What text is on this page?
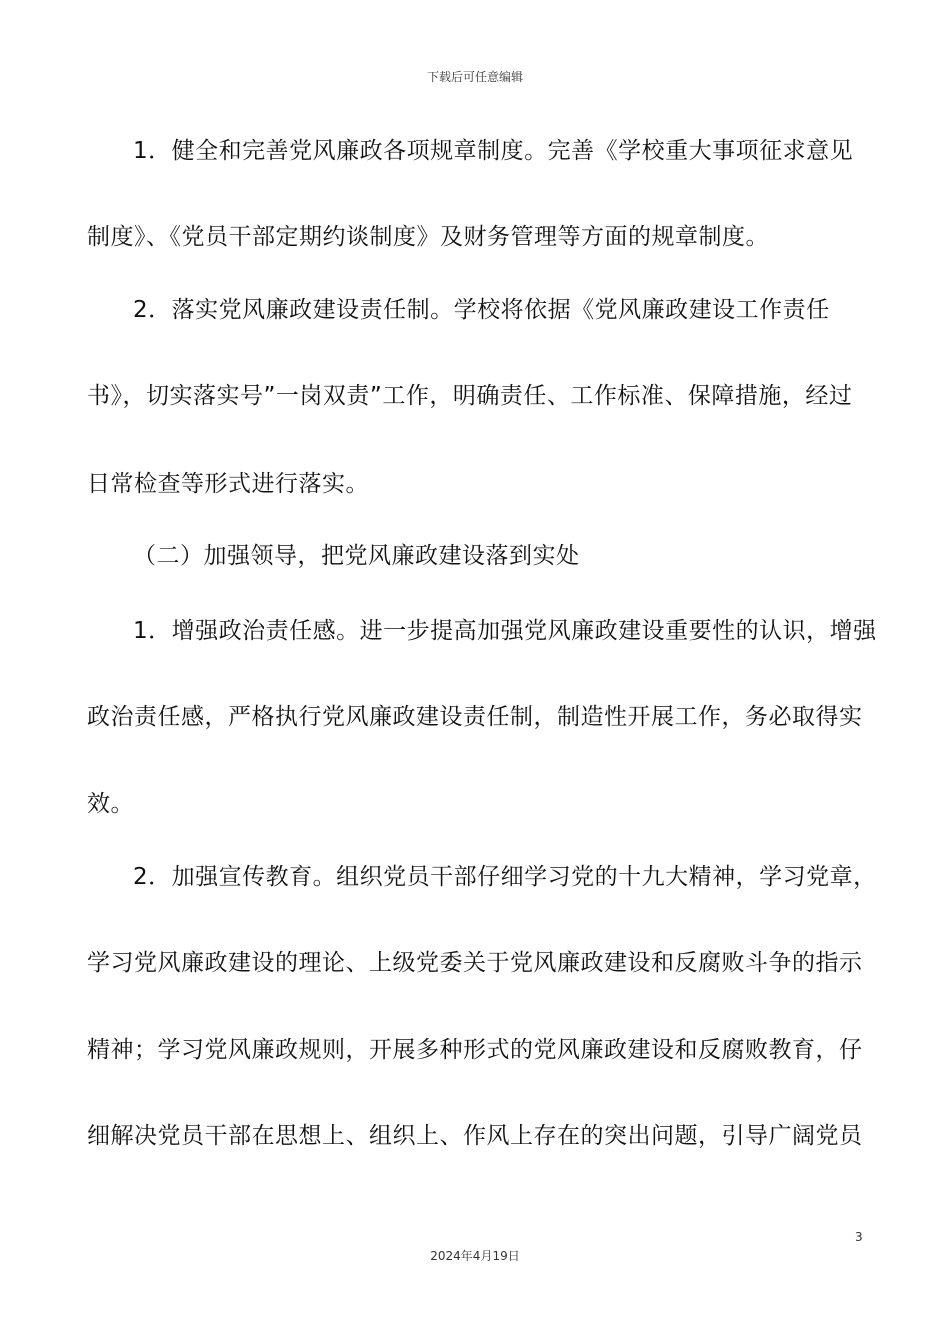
下载后可任意编辑
1．健全和完善党风廉政各项规章制度。完善《学校重大事项征求意见
制度》、《党员干部定期约谈制度》及财务管理等方面的规章制度。
2．落实党风廉政建设责任制。学校将依据《党风廉政建设工作责任
书》，切实落实号”一岗双责”工作，明确责任、工作标准、保障措施，经过
日常检查等形式进行落实。
（二）加强领导，把党风廉政建设落到实处
1．增强政治责任感。进一步提高加强党风廉政建设重要性的认识，增强
政治责任感，严格执行党风廉政建设责任制，制造性开展工作，务必取得实
效。
2．加强宣传教育。组织党员干部仔细学习党的十九大精神，学习党章，
学习党风廉政建设的理论、上级党委关于党风廉政建设和反腐败斗争的指示
精神；学习党风廉政规则，开展多种形式的党风廉政建设和反腐败教育，仔
细解决党员干部在思想上、组织上、作风上存在的突出问题，引导广阔党员
3
2024年4月19日
